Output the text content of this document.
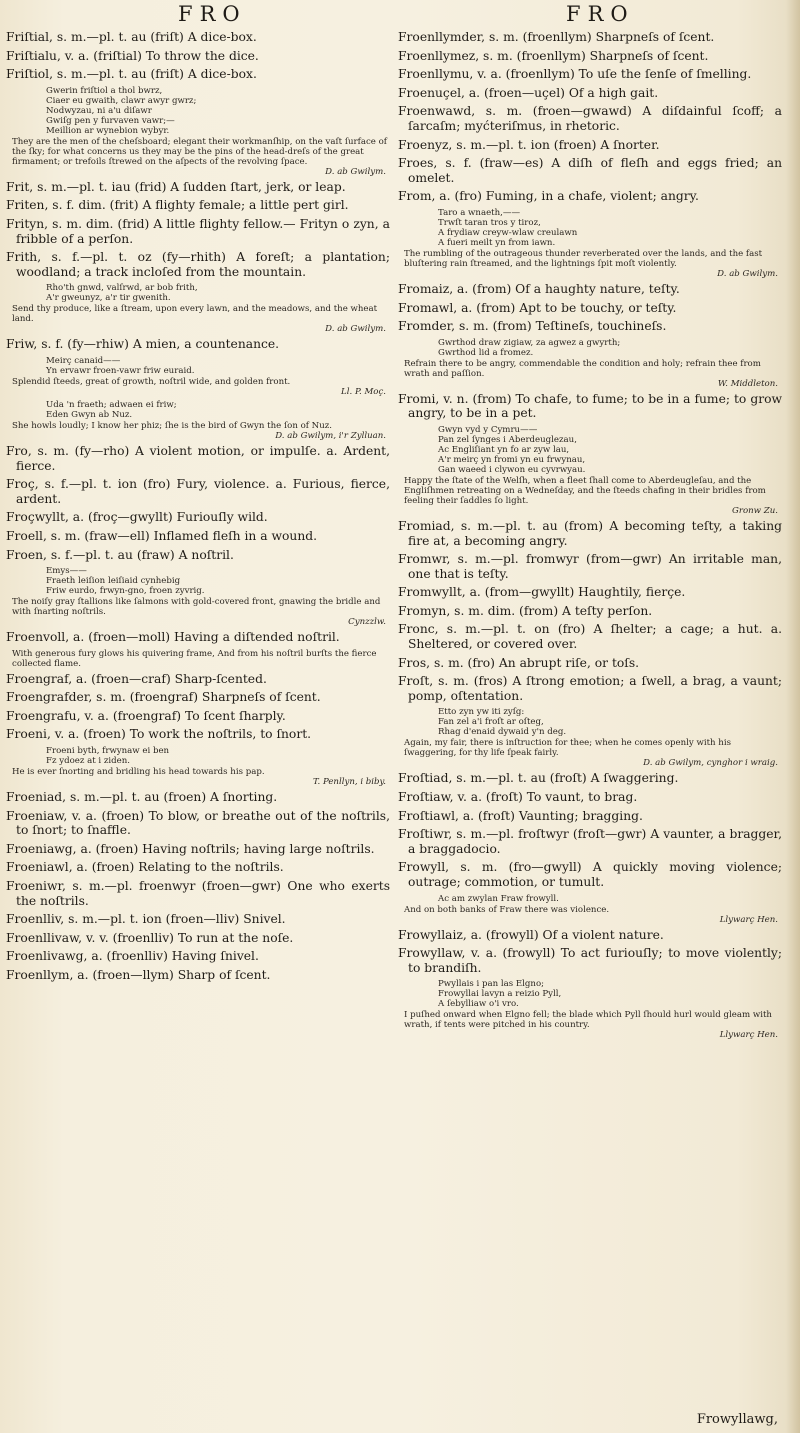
FRO	FRO

Friſtial, s. m.—pl. t. au (friſt) A dice-box.

Friſtialu, v. a. (friſtial) To throw the dice.

Friſtiol, s. m.—pl. t. au (friſt) A dice-box.

Gwerin friſtiol a thol bwrz,
Ciaer eu gwaith, clawr awyr gwrz;
Nodwyzau, ni a'u diſawr
Gwiſg pen y furvaven vawr;—
Meillion ar wynebion wybyr.
They are the men of the cheſsboard; elegant their workmanſhip, on the vaſt ſurface of the ſky; for what concerns us they may be the pins of the head-dreſs of the great firmament; or trefoils ſtrewed on the aſpects of the revolving ſpace.
D. ab Gwilym.

Frit, s. m.—pl. t. iau (frid) A ſudden ſtart, jerk, or leap.

Friten, s. f. dim. (frit) A flighty female; a little pert girl.

Frityn, s. m. dim. (frid) A little flighty fellow.— Frityn o zyn, a fribble of a perſon.

Frith, s. f.—pl. t. oz (fy—rhith) A foreſt; a plantation; woodland; a track incloſed from the mountain.

Rho'th gnwd, valſrwd, ar bob frith,
A'r gweunyz, a'r tir gwenith.
Send thy produce, like a ſtream, upon every lawn, and the meadows, and the wheat land.
D. ab Gwilym.

Friw, s. f. (fy—rhiw) A mien, a countenance.

Meirç canaid——
Yn ervawr froen-vawr friw euraid.
Splendid ſteeds, great of growth, noſtril wide, and golden front.
Ll. P. Moç.
Uda 'n fraeth; adwaen ei friw;
Eden Gwyn ab Nuz.
She howls loudly; I know her phiz; ſhe is the bird of Gwyn the ſon of Nuz.
D. ab Gwilym, i'r Zylluan.

Fro, s. m. (fy—rho) A violent motion, or impulſe. a. Ardent, fierce.

Froç, s. f.—pl. t. ion (fro) Fury, violence. a. Furious, fierce, ardent.

Froçwyllt, a. (froç—gwyllt) Furiouſly wild.

Froell, s. m. (fraw—ell) Inflamed fleſh in a wound.

Froen, s. f.—pl. t. au (fraw) A noſtril.

Emys——
Fraeth leiſion leiſiaid cynhebig
Friw eurdo, frwyn-gno, froen zyvrig.
The noiſy gray ſtallions like ſalmons with gold-covered front, gnawing the bridle and with ſnarting noſtrils.
Cynzzlw.

Froenvoll, a. (froen—moll) Having a diſtended noſtril.

With generous fury glows his quivering frame, And from his noſtril burſts the fierce collected flame.

Froengraf, a. (froen—craf) Sharp-ſcented.

Froengrafder, s. m. (froengraf) Sharpneſs of ſcent.

Froengrafu, v. a. (froengraf) To ſcent ſharply.

Froeni, v. a. (froen) To work the noſtrils, to ſnort.

Froeni byth, frwynaw ei ben
Fz ydoez at i ziden.
He is ever ſnorting and bridling his head towards his pap.
T. Penllyn, i biby.

Froeniad, s. m.—pl. t. au (froen) A ſnorting.

Froeniaw, v. a. (froen) To blow, or breathe out of the noſtrils, to ſnort; to ſnaffle.

Froeniawg, a. (froen) Having noſtrils; having large noſtrils.

Froeniawl, a. (froen) Relating to the noſtrils.

Froeniwr, s. m.—pl. froenwyr (froen—gwr) One who exerts the noſtrils.

Froenlliv, s. m.—pl. t. ion (froen—lliv) Snivel.

Froenllivaw, v. v. (froenlliv) To run at the noſe.

Froenlivawg, a. (froenlliv) Having ſnivel.

Froenllym, a. (froen—llym) Sharp of ſcent.

Froenllymder, s. m. (froenllym) Sharpneſs of ſcent.

Froenllymez, s. m. (froenllym) Sharpneſs of ſcent.

Froenllymu, v. a. (froenllym) To uſe the ſenſe of ſmelling.

Froenuçel, a. (froen—uçel) Of a high gait.

Froenwawd, s. m. (froen—gwawd) A diſdainful ſcoff; a ſarcaſm; myćteriſmus, in rhetoric.

Froenyz, s. m.—pl. t. ion (froen) A ſnorter.

Froes, s. f. (fraw—es) A diſh of fleſh and eggs fried; an omelet.

From, a. (fro) Fuming, in a chafe, violent; angry.

Taro a wnaeth,——
Trwſt taran tros y tiroz,
A frydiaw creyw-wlaw creulawn
A fueri meilt yn from iawn.
The rumbling of the outrageous thunder reverberated over the lands, and the fast bluſtering rain ſtreamed, and the lightnings ſpit moſt violently.
D. ab Gwilym.

Fromaiz, a. (from) Of a haughty nature, teſty.

Fromawl, a. (from) Apt to be touchy, or teſty.

Fromder, s. m. (from) Teſtineſs, touchineſs.

Gwrthod draw zigiaw, za agwez a gwyrth;
Gwrthod lid a fromez.
Refrain there to be angry, commendable the condition and holy; refrain thee from wrath and paſſion.
W. Middleton.

Fromi, v. n. (from) To chafe, to fume; to be in a fume; to grow angry, to be in a pet.

Gwyn vyd y Cymru——
Pan zel ſynges i Aberdeuglezau,
Ac Engliſiant yn fo ar zyw lau,
A'r meirç yn fromi yn eu frwynau,
Gan waeed i clywon eu cyvrwyau.
Happy the ſtate of the Welſh, when a fleet ſhall come to Aberdeugleſau, and the Engliſhmen retreating on a Wedneſday, and the ſteeds chafing in their bridles from feeling their ſaddles ſo light.
Gronw Zu.

Fromiad, s. m.—pl. t. au (from) A becoming teſty, a taking fire at, a becoming angry.

Fromwr, s. m.—pl. fromwyr (from—gwr) An irritable man, one that is teſty.

Fromwyllt, a. (from—gwyllt) Haughtily, fierçe.

Fromyn, s. m. dim. (from) A teſty perſon.

Fronc, s. m.—pl. t. on (fro) A ſhelter; a cage; a hut. a. Sheltered, or covered over.

Fros, s. m. (fro) An abrupt riſe, or toſs.

Froſt, s. m. (fros) A ſtrong emotion; a ſwell, a brag, a vaunt; pomp, oſtentation.

Etto zyn yw iti zyſg:
Fan zel a'i froſt ar oſteg,
Rhag d'enaid dywaid y'n deg.
Again, my fair, there is inſtruction for thee; when he comes openly with his ſwaggering, for thy life ſpeak fairly.
D. ab Gwilym, cynghor i wraig.

Froſtiad, s. m.—pl. t. au (froſt) A ſwaggering.

Froſtiaw, v. a. (froſt) To vaunt, to brag.

Froſtiawl, a. (froſt) Vaunting; bragging.

Froſtiwr, s. m.—pl. froſtwyr (froſt—gwr) A vaunter, a bragger, a braggadocio.

Frowyll, s. m. (fro—gwyll) A quickly moving violence; outrage; commotion, or tumult.

Ac am zwylan Fraw frowyll.
And on both banks of Fraw there was violence.
Llywarç Hen.

Frowyllaiz, a. (frowyll) Of a violent nature.

Frowyllaw, v. a. (frowyll) To act furiouſly; to move violently; to brandiſh.

Pwyllais i pan las Elgno;
Frowyllai lavyn a reizio Pyll,
A ſebylliaw o'i vro.
I puſhed onward when Elgno fell; the blade which Pyll ſhould hurl would gleam with wrath, if tents were pitched in his country.
Llywarç Hen.
Frowyllawg,
